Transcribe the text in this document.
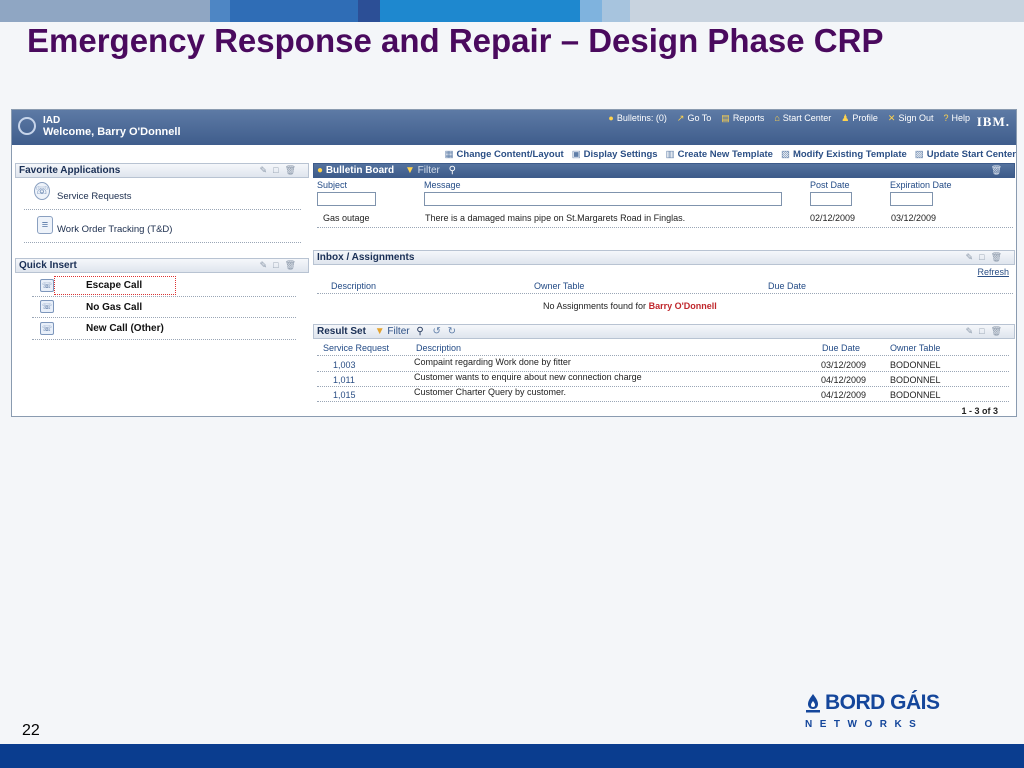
Emergency Response and Repair – Design Phase CRP
IAD
Welcome, Barry O'Donnell
● Bulletins: (0) ↗ Go To ▤ Reports ⌂ Start Center ♟ Profile ✕ Sign Out ? Help IBM.
▦ Change Content/Layout ▣ Display Settings ▥ Create New Template ▧ Modify Existing Template ▨ Update Start Center
Favorite Applications	✎□🗑
☏ Service Requests
≡ Work Order Tracking (T&D)
Quick Insert	✎□🗑
☏	Escape Call
☏	No Gas Call
☏	New Call (Other)
● Bulletin Board ▼ Filter ⚲	🗑
Subject	Message	Post Date	Expiration Date
Gas outage	There is a damaged mains pipe on St.Margarets Road in Finglas.	02/12/2009	03/12/2009
Inbox / Assignments	✎□🗑
Refresh
Description	Owner Table	Due Date
No Assignments found for Barry O'Donnell
Result Set ▼ Filter ⚲ ↺ ↻	✎□🗑
Service Request	Description	Due Date	Owner Table
1,003	Compaint regarding Work done by fitter	03/12/2009	BODONNEL
1,011	Customer wants to enquire about new connection charge	04/12/2009	BODONNEL
1,015	Customer Charter Query by customer.	04/12/2009	BODONNEL
1 - 3 of 3
22
BORD GÁIS
NETWORKS
